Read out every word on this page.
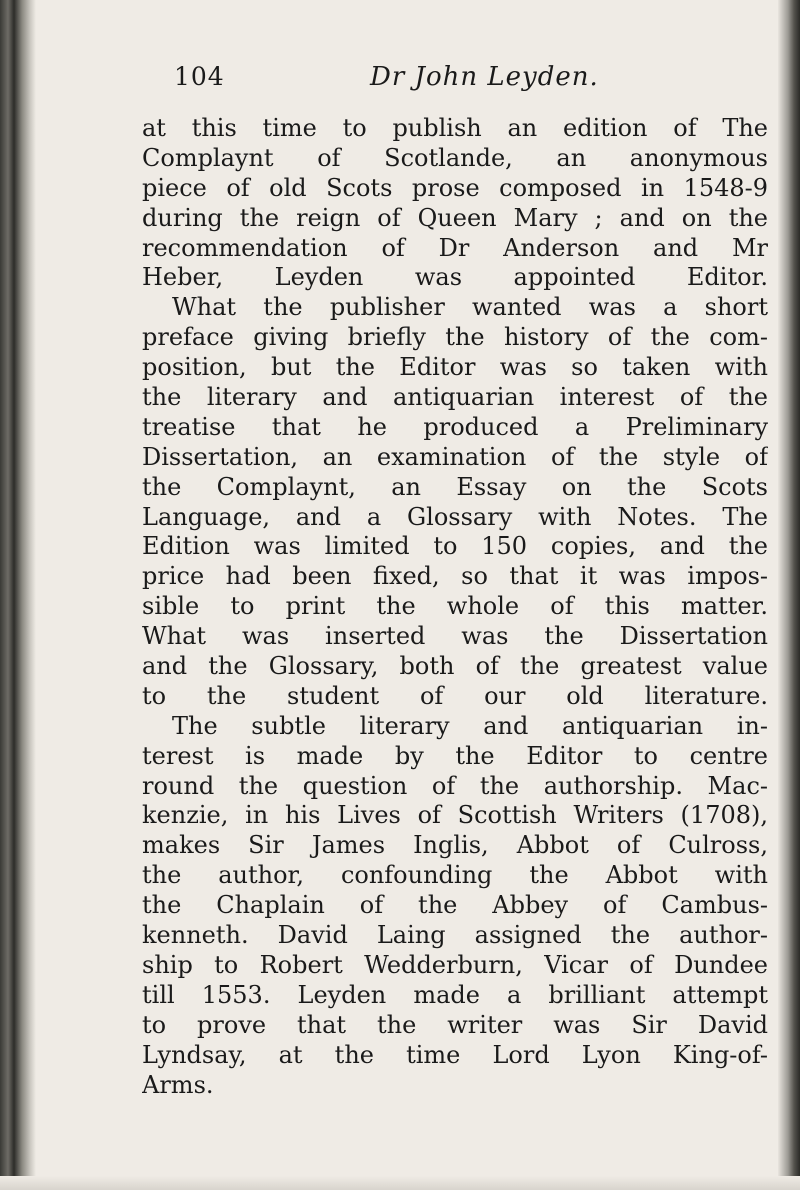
104	Dr John Leyden.
at this time to publish an edition of The
Complaynt of Scotlande, an anonymous
piece of old Scots prose composed in 1548-9
during the reign of Queen Mary ; and on the
recommendation of Dr Anderson and Mr
Heber, Leyden was appointed Editor.
What the publisher wanted was a short
preface giving briefly the history of the com-
position, but the Editor was so taken with
the literary and antiquarian interest of the
treatise that he produced a Preliminary
Dissertation, an examination of the style of
the Complaynt, an Essay on the Scots
Language, and a Glossary with Notes. The
Edition was limited to 150 copies, and the
price had been fixed, so that it was impos-
sible to print the whole of this matter.
What was inserted was the Dissertation
and the Glossary, both of the greatest value
to the student of our old literature.
The subtle literary and antiquarian in-
terest is made by the Editor to centre
round the question of the authorship. Mac-
kenzie, in his Lives of Scottish Writers (1708),
makes Sir James Inglis, Abbot of Culross,
the author, confounding the Abbot with
the Chaplain of the Abbey of Cambus-
kenneth. David Laing assigned the author-
ship to Robert Wedderburn, Vicar of Dundee
till 1553. Leyden made a brilliant attempt
to prove that the writer was Sir David
Lyndsay, at the time Lord Lyon King-of-
Arms.
